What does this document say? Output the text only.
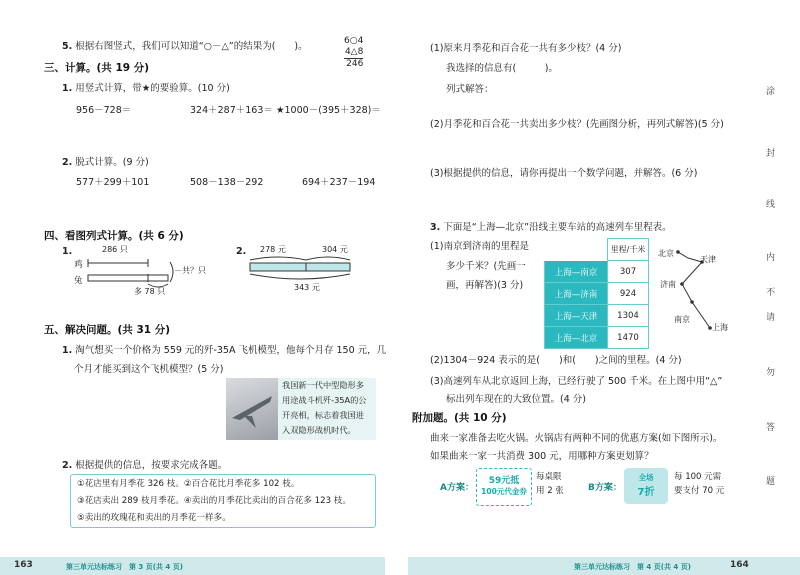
5. 根据右图竖式，我们可以知道“○－△”的结果为(　　)。	6○4
4△8
246
三、计算。(共 19 分)
1. 用竖式计算，带★的要验算。(10 分)
956－728＝	324＋287＋163＝ ★1000－(395＋328)＝
2. 脱式计算。(9 分)
577＋299＋101	508－138－292	694＋237－194
四、看图列式计算。(共 6 分)
1.	286 只
鸡
兔
－共？只
多 78 只
2. 278 元	304 元
343 元
五、解决问题。(共 31 分)
1. 淘气想买一个价格为 559 元的歼-35A 飞机模型，他每个月存 150 元，几
个月才能买到这个飞机模型？(5 分)
我国新一代中型隐形多
用途战斗机歼-35A的公
开亮相，标志着我国进
入双隐形战机时代。
2. 根据提供的信息，按要求完成各题。
①花店里有月季花 326 枝。②百合花比月季花多 102 枝。
③花店卖出 289 枝月季花。④卖出的月季花比卖出的百合花多 123 枝。
⑤卖出的玫瑰花和卖出的月季花一样多。
163	第三单元达标练习　第 3 页(共 4 页)
(1)原来月季花和百合花一共有多少枝？(4 分)
我选择的信息有(　　　)。
列式解答：
(2)月季花和百合花一共卖出多少枝？(先画图分析，再列式解答)(5 分)
(3)根据提供的信息，请你再提出一个数学问题，并解答。(6 分)
3. 下面是“上海—北京”沿线主要车站的高速列车里程表。
(1)南京到济南的里程是
多少千米？(先画一
画，再解答)(3 分)
	里程/千米
上海—南京	307
上海—济南	924
上海—天津	1304
上海—北京	1470
北京
天津
济南
南京
上海
(2)1304－924 表示的是(　　)和(　　)之间的里程。(4 分)
(3)高速列车从北京返回上海，已经行驶了 500 千米。在上图中用“△”
标出列车现在的大致位置。(4 分)
附加题。(共 10 分)
曲来一家准备去吃火锅。火锅店有两种不同的优惠方案(如下图所示)。
如果曲来一家一共消费 300 元，用哪种方案更划算？
A方案：
59元抵
100元代金券
每桌限
用 2 张	B方案：
全场
7折
每 100 元需
要支付 70 元
第三单元达标练习　第 4 页(共 4 页)	164
涂
封
线
内
不
请
勿
答
题
